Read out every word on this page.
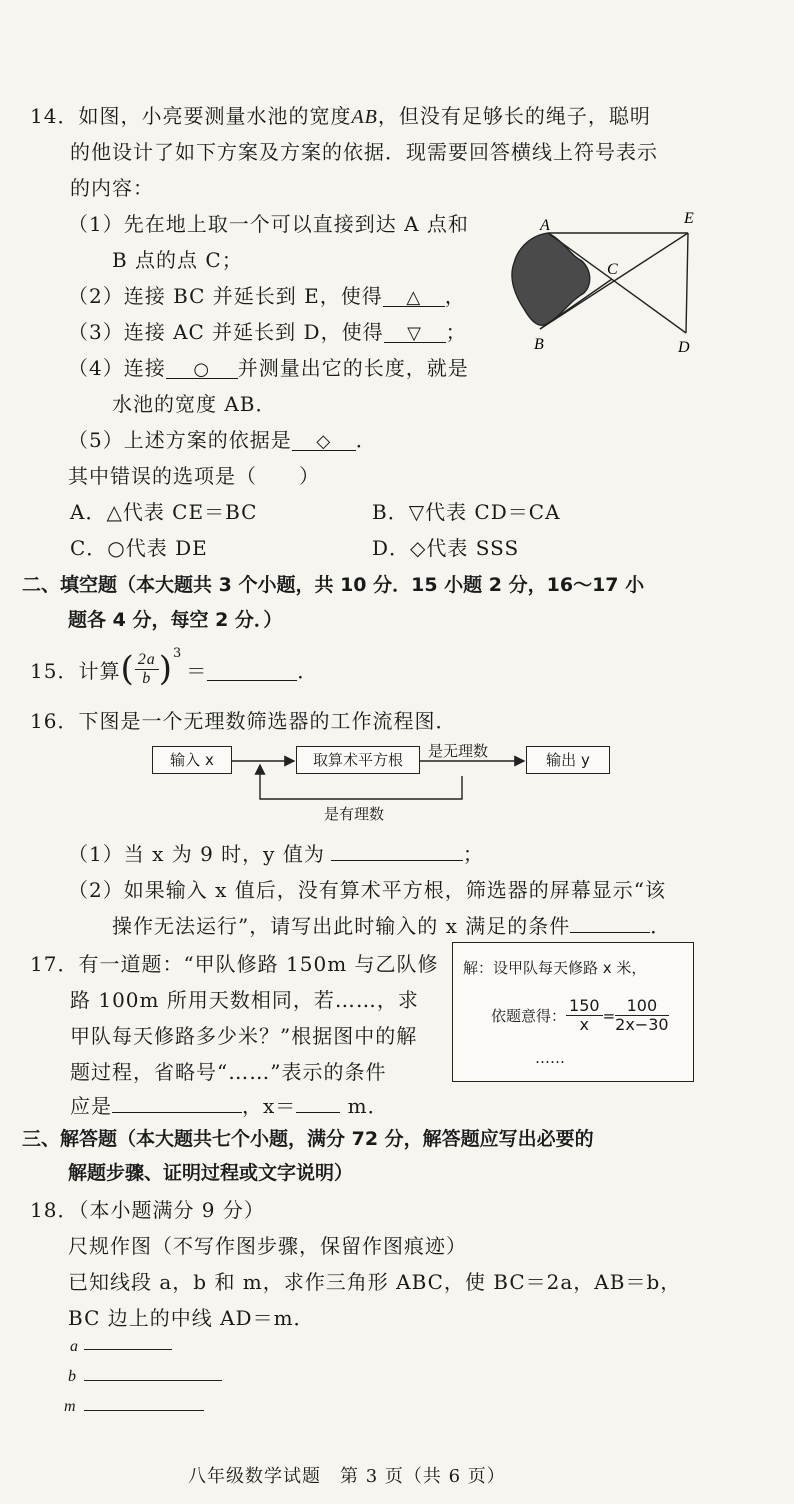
14．如图，小亮要测量水池的宽度AB，但没有足够长的绳子，聪明
的他设计了如下方案及方案的依据．现需要回答横线上符号表示
的内容：
（1）先在地上取一个可以直接到达 A 点和
B 点的点 C；
（2）连接 BC 并延长到 E，使得 △ ，
（3）连接 AC 并延长到 D，使得 ▽ ；
（4）连接 ○ 并测量出它的长度，就是
水池的宽度 AB．
（5）上述方案的依据是 ◇ ．
其中错误的选项是（　　）
A．△代表 CE＝BC	B．▽代表 CD＝CA
C．○代表 DE	D．◇代表 SSS
A
B
C
D
E
二、填空题（本大题共 3 个小题，共 10 分．15 小题 2 分，16～17 小
题各 4 分，每空 2 分．）
15．计算 ( $\frac{2a}{b}$ ) 3
＝	．
16．下图是一个无理数筛选器的工作流程图．
输入 x	取算术平方根	输出 y
是无理数
是有理数
（1）当 x 为 9 时，y 值为	；
（2）如果输入 x 值后，没有算术平方根，筛选器的屏幕显示“该
操作无法运行”，请写出此时输入的 x 满足的条件	．
17．有一道题：“甲队修路 150m 与乙队修
路 100m 所用天数相同，若……，求
甲队每天修路多少米？”根据图中的解
题过程，省略号“……”表示的条件
应是	，x＝	m．
解：设甲队每天修路 x 米，
依题意得： $\frac{150}{x} = \frac{100}{2x-30}$
……
三、解答题（本大题共七个小题，满分 72 分，解答题应写出必要的
解题步骤、证明过程或文字说明）
18．（本小题满分 9 分）
尺规作图（不写作图步骤，保留作图痕迹）
已知线段 a，b 和 m，求作三角形 ABC，使 BC＝2a，AB＝b，
BC 边上的中线 AD＝m．
a
b
m
八年级数学试题　第 3 页（共 6 页）
